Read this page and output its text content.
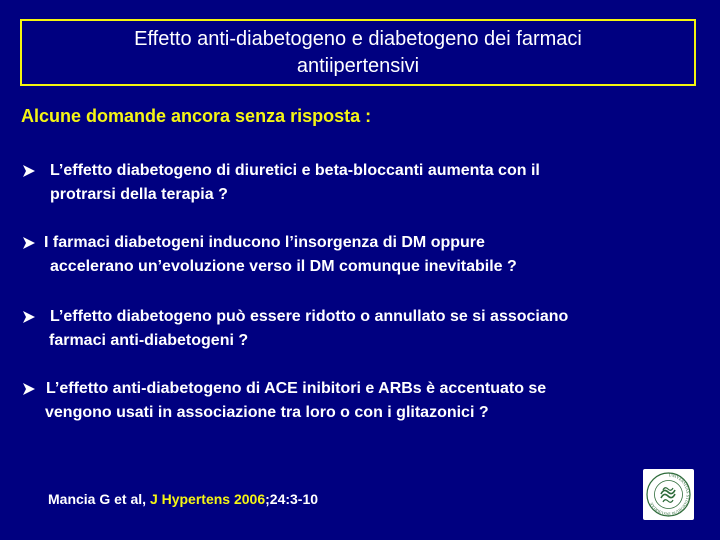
Effetto anti-diabetogeno e diabetogeno dei farmaci
antiipertensivi
Alcune domande ancora senza risposta :
L’effetto diabetogeno di diuretici e beta-bloccanti aumenta con il
protrarsi della terapia ?
I farmaci diabetogeni inducono l’insorgenza di DM oppure
accelerano un’evoluzione verso il DM comunque inevitabile ?
L’effetto diabetogeno può essere ridotto o annullato se si associano
farmaci anti-diabetogeni ?
L’effetto anti-diabetogeno di ACE inibitori e ARBs è accentuato se
vengono usati in associazione tra loro o con i glitazonici ?
Mancia G et al, J Hypertens 2006;24:3-10
UNIVERSITAS STUDIORUM INSUBRIAE
